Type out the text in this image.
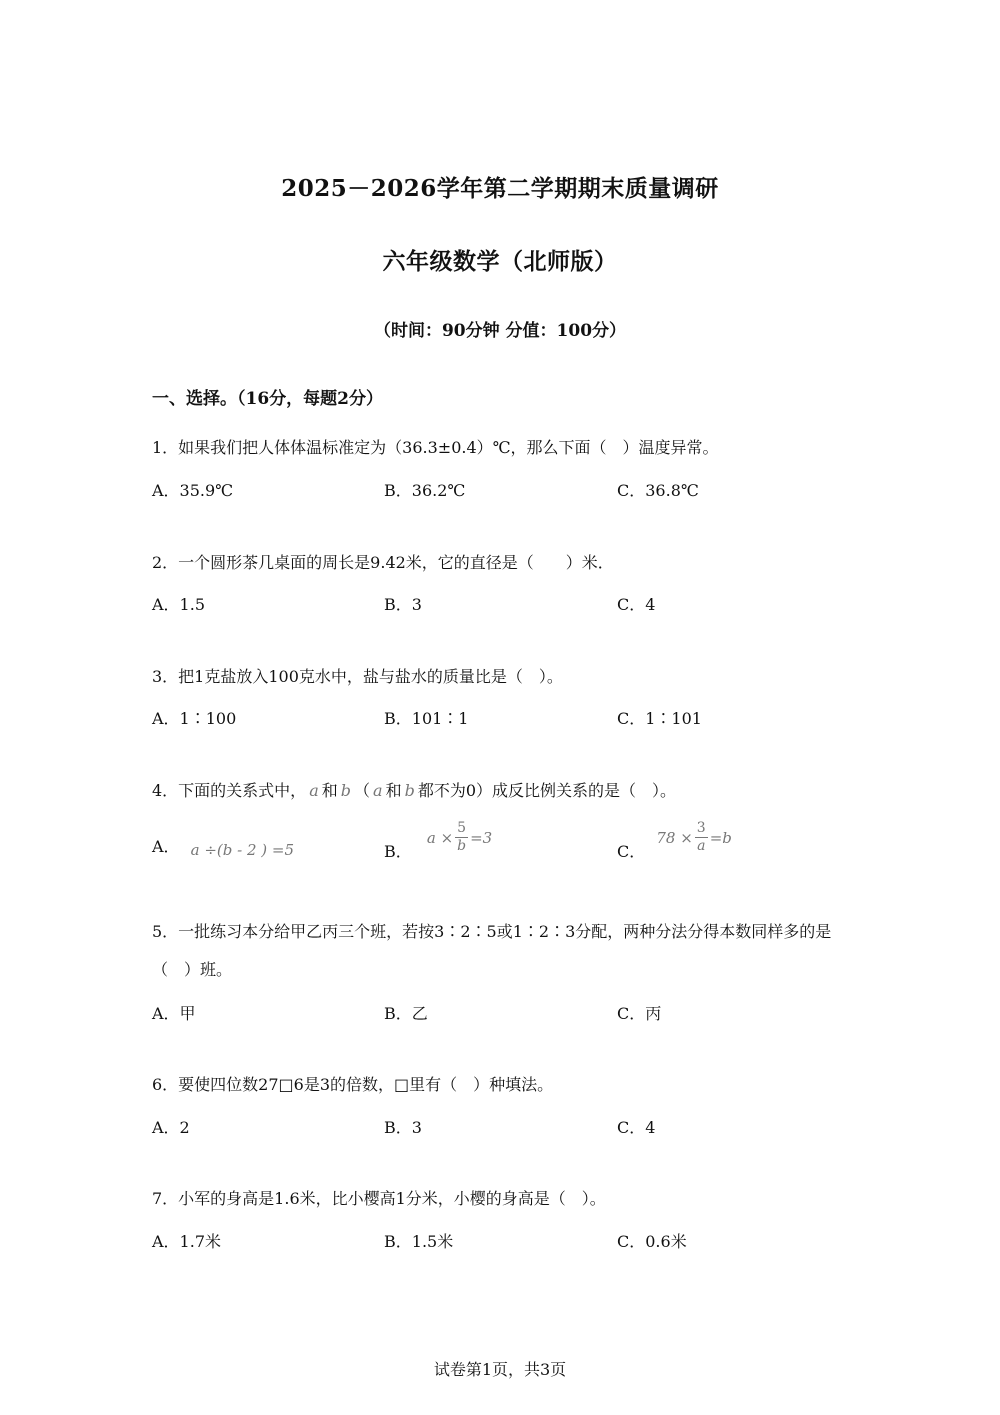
2025－2026学年第二学期期末质量调研
六年级数学（北师版）
（时间：90分钟 分值：100分）
一、选择。（16分，每题2分）
1．如果我们把人体体温标准定为（36.3±0.4）℃，那么下面（　）温度异常。
A．35.9℃	B．36.2℃	C．36.8℃
2．一个圆形茶几桌面的周长是9.42米，它的直径是（　　）米．
A．1.5	B．3	C．4
3．把1克盐放入100克水中，盐与盐水的质量比是（　）。
A．1∶100	B．101∶1	C．1∶101
4．下面的关系式中， a 和 b （ a 和 b 都不为0）成反比例关系的是（　）。
A． a ÷(b - 2 ) =5	B．
$a \times \frac{5}{b} =3$
C．
$78 \times \frac{3}{a} =b$
5．一批练习本分给甲乙丙三个班，若按3∶2∶5或1∶2∶3分配，两种分法分得本数同样多的是（　）班。
A．甲	B．乙	C．丙
6．要使四位数27□6是3的倍数，□里有（　）种填法。
A．2	B．3	C．4
7．小军的身高是1.6米，比小樱高1分米，小樱的身高是（　）。
A．1.7米	B．1.5米	C．0.6米
试卷第1页，共3页
